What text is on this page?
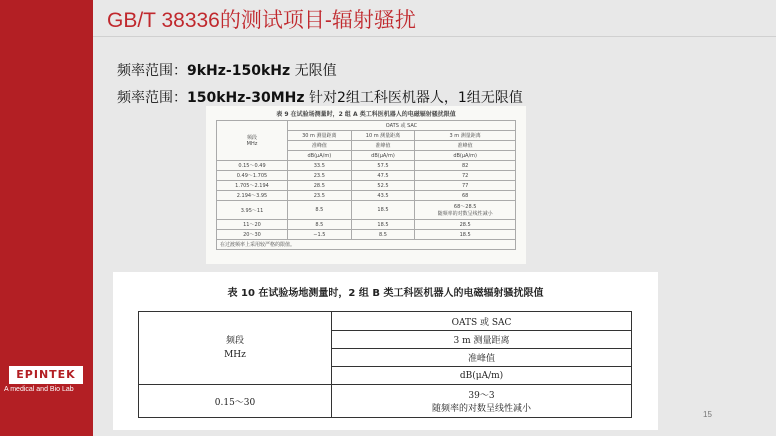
EPINTEK
A medical and Bio Lab
GB/T 38336的测试项目-辐射骚扰
频率范围：9kHz-150kHz 无限值
频率范围：150kHz-30MHz 针对2组工科医机器人，1组无限值
表 9 在试验场测量时，2 组 A 类工科医机器人的电磁辐射骚扰限值
频段
MHz	OATS 或 SAC		
	30 m 测量距离	10 m 测量距离	3 m 测量距离
	准峰值	准峰值	准峰值
	dB(μA/m)	dB(μA/m)	dB(μA/m)
0.15～0.49	33.5	57.5	82
0.49～1.705	23.5	47.5	72
1.705～2.194	28.5	52.5	77
2.194～3.95	23.5	43.5	68
3.95～11	8.5	18.5	68～28.5
随频率的对数呈线性减小

11～20	8.5	18.5	28.5
20～30	−1.5	8.5	18.5
在过渡频率上采用较严格的限值。			
表 10 在试验场地测量时，2 组 B 类工科医机器人的电磁辐射骚扰限值
频段
MHz	OATS 或 SAC
	3 m 测量距离
	准峰值
	dB(μA/m)
0.15～30	39～3
随频率的对数呈线性减小
15
